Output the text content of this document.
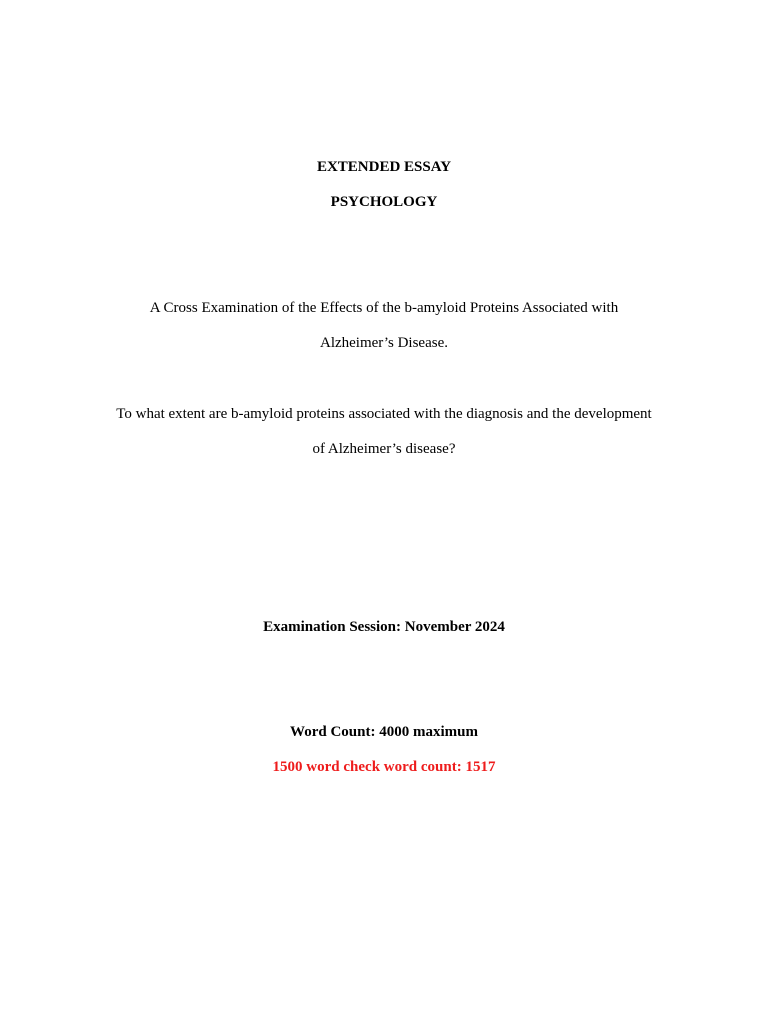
EXTENDED ESSAY
PSYCHOLOGY
A Cross Examination of the Effects of the b-amyloid Proteins Associated with
Alzheimer’s Disease.
To what extent are b-amyloid proteins associated with the diagnosis and the development
of Alzheimer’s disease?
Examination Session: November 2024
Word Count: 4000 maximum
1500 word check word count: 1517
